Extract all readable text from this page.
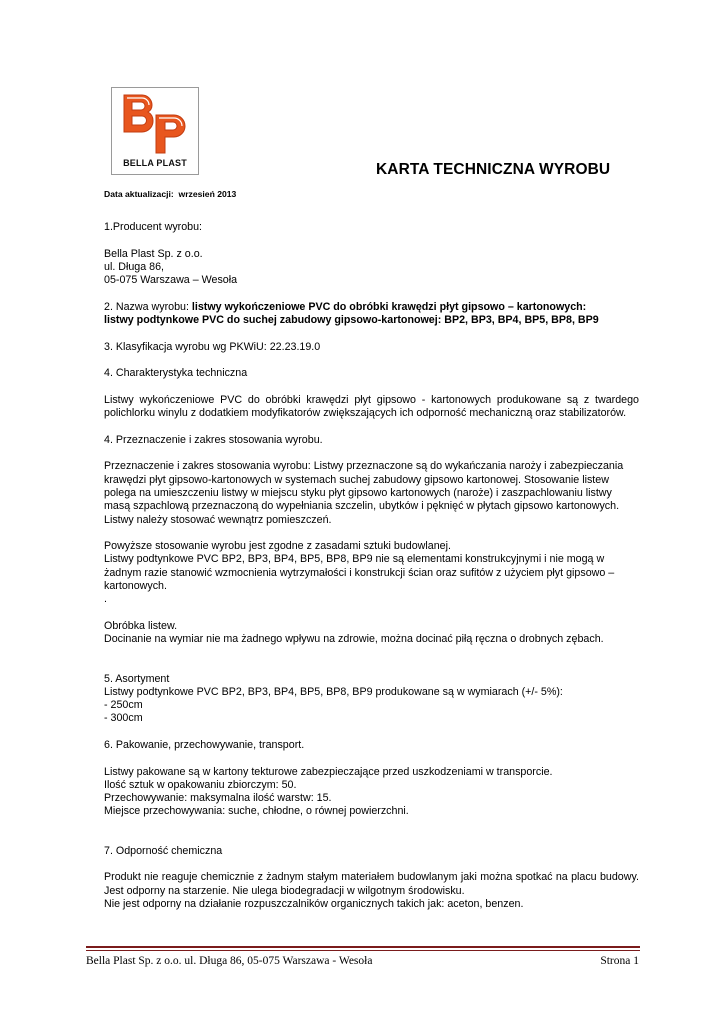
BELLA PLAST	KARTA TECHNICZNA WYROBU
Data aktualizacji: wrzesień 2013

1.Producent wyrobu:

Bella Plast Sp. z o.o.
ul. Długa 86,
05-075 Warszawa – Wesoła

2. Nazwa wyrobu: listwy wykończeniowe PVC do obróbki krawędzi płyt gipsowo – kartonowych:
listwy podtynkowe PVC do suchej zabudowy gipsowo-kartonowej: BP2, BP3, BP4, BP5, BP8, BP9

3. Klasyfikacja wyrobu wg PKWiU: 22.23.19.0

4. Charakterystyka techniczna

Listwy wykończeniowe PVC do obróbki krawędzi płyt gipsowo - kartonowych produkowane są z twardego polichlorku winylu z dodatkiem modyfikatorów zwiększających ich odporność mechaniczną oraz stabilizatorów.

4. Przeznaczenie i zakres stosowania wyrobu.

Przeznaczenie i zakres stosowania wyrobu: Listwy przeznaczone są do wykańczania naroży i zabezpieczania
krawędzi płyt gipsowo-kartonowych w systemach suchej zabudowy gipsowo kartonowej. Stosowanie listew
polega na umieszczeniu listwy w miejscu styku płyt gipsowo kartonowych (naroże) i zaszpachlowaniu listwy
masą szpachlową przeznaczoną do wypełniania szczelin, ubytków i pęknięć w płytach gipsowo kartonowych.
Listwy należy stosować wewnątrz pomieszczeń.

Powyższe stosowanie wyrobu jest zgodne z zasadami sztuki budowlanej.
Listwy podtynkowe PVC BP2, BP3, BP4, BP5, BP8, BP9 nie są elementami konstrukcyjnymi i nie mogą w
żadnym razie stanowić wzmocnienia wytrzymałości i konstrukcji ścian oraz sufitów z użyciem płyt gipsowo –
kartonowych.
.

Obróbka listew.
Docinanie na wymiar nie ma żadnego wpływu na zdrowie, można docinać piłą ręczna o drobnych zębach.

5. Asortyment
Listwy podtynkowe PVC BP2, BP3, BP4, BP5, BP8, BP9 produkowane są w wymiarach (+/- 5%):
- 250cm
- 300cm

6. Pakowanie, przechowywanie, transport.

Listwy pakowane są w kartony tekturowe zabezpieczające przed uszkodzeniami w transporcie.
Ilość sztuk w opakowaniu zbiorczym: 50.
Przechowywanie: maksymalna ilość warstw: 15.
Miejsce przechowywania: suche, chłodne, o równej powierzchni.

7. Odporność chemiczna

Produkt nie reaguje chemicznie z żadnym stałym materiałem budowlanym jaki można spotkać na placu budowy. Jest odporny na starzenie. Nie ulega biodegradacji w wilgotnym środowisku.
Nie jest odporny na działanie rozpuszczalników organicznych takich jak: aceton, benzen.

Bella Plast Sp. z o.o. ul. Długa 86, 05-075 Warszawa - Wesoła	Strona 1
